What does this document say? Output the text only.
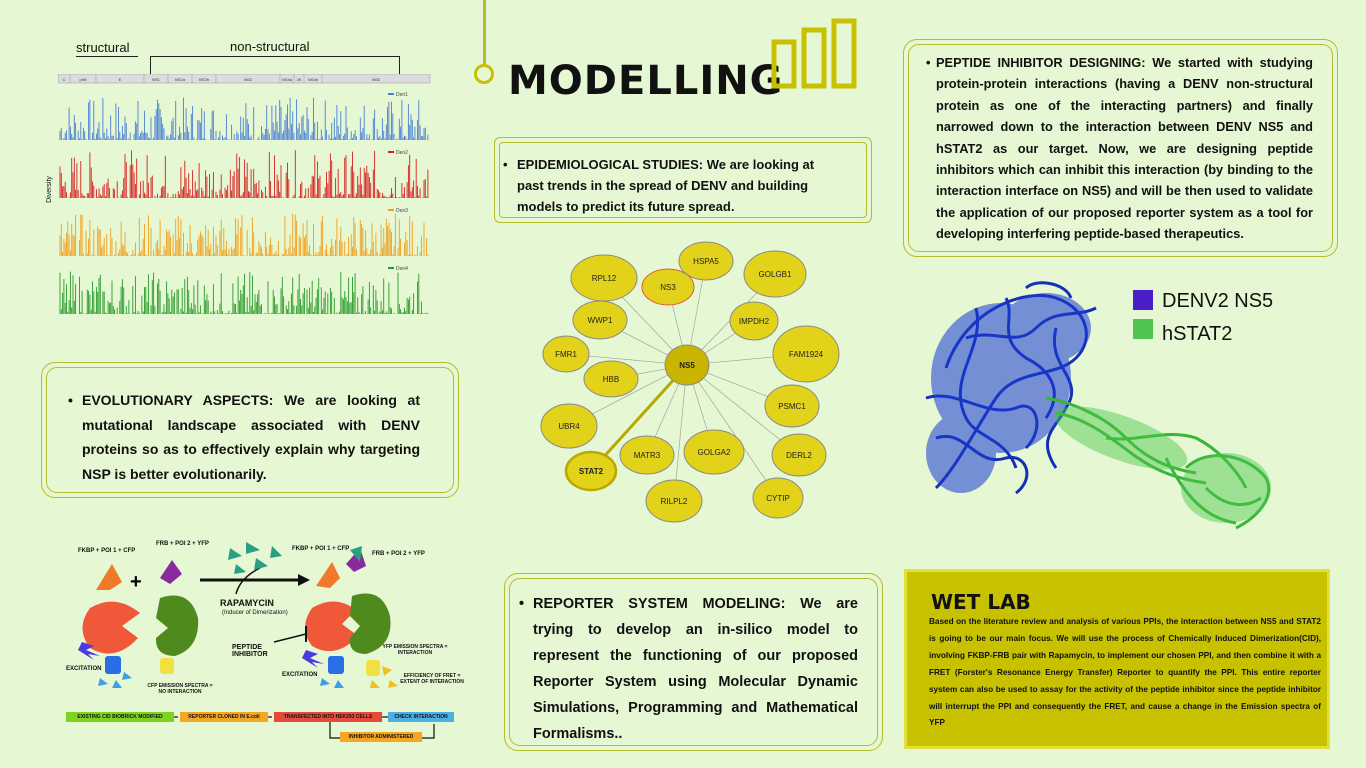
MODELLING
structural	non-structural
Diversity
C	prM	E	NS1	NS2a	NS2b	NS3	NS4a 2K NS4b	NS5
Den1
Den2
Den3
Den4
• EPIDEMIOLOGICAL STUDIES: We are looking at past trends in the spread of DENV and building models to predict its future spread.
• PEPTIDE INHIBITOR DESIGNING: We started with studying protein-protein interactions (having a DENV non-structural protein as one of the interacting partners) and finally narrowed down to the interaction between DENV NS5 and hSTAT2 as our target. Now, we are designing peptide inhibitors which can inhibit this interaction (by binding to the interaction interface on NS5) and will be then used to validate the application of our proposed reporter system as a tool for developing interfering peptide-based therapeutics.
• EVOLUTIONARY ASPECTS: We are looking at mutational landscape associated with DENV proteins so as to effectively explain why targeting NSP is better evolutionarily.
• REPORTER SYSTEM MODELING: We are trying to develop an in-silico model to represent the functioning of our proposed Reporter System using Molecular Dynamic Simulations, Programming and Mathematical Formalisms..
WET LAB
Based on the literature review and analysis of various PPIs, the interaction between NS5 and STAT2 is going to be our main focus. We will use the process of Chemically Induced Dimerization(CID), involving FKBP-FRB pair with Rapamycin, to implement our chosen PPI, and then combine it with a FRET (Forster's Resonance Energy Transfer) Reporter to quantify the PPI. This entire reporter system can also be used to assay for the activity of the peptide inhibitor since the peptide inhibitor will interrupt the PPI and consequently the FRET, and cause a change in the Emission spectra of YFP
RPL12
NS3
HSPA5
GOLGB1
WWP1	IMPDH2
FAM1924
FMR1
HBB
PSMC1
UBR4
DERL2
STAT2
MATR3	GOLGA2
CYTIP
RILPL2
NS5
DENV2 NS5
hSTAT2
FKBP + POI 1 + CFP
FRB + POI 2 + YFP
FKBP + POI 1 + CFP
FRB + POI 2 + YFP
RAPAMYCIN
(Inducer of Dimerization)
PEPTIDE INHIBITOR
EXCITATION
EXCITATION
CFP EMISSION SPECTRA = NO INTERACTION
YFP EMISSION SPECTRA = INTERACTION
EFFICIENCY OF FRET = EXTENT OF INTERACTION
+
EXISTING CID BIOBRICK MODIFIED	REPORTER CLONED IN E.coli	TRANSFECTED INTO HEK293 CELLS	CHECK INTERACTION
INHIBITOR ADMINISTERED
